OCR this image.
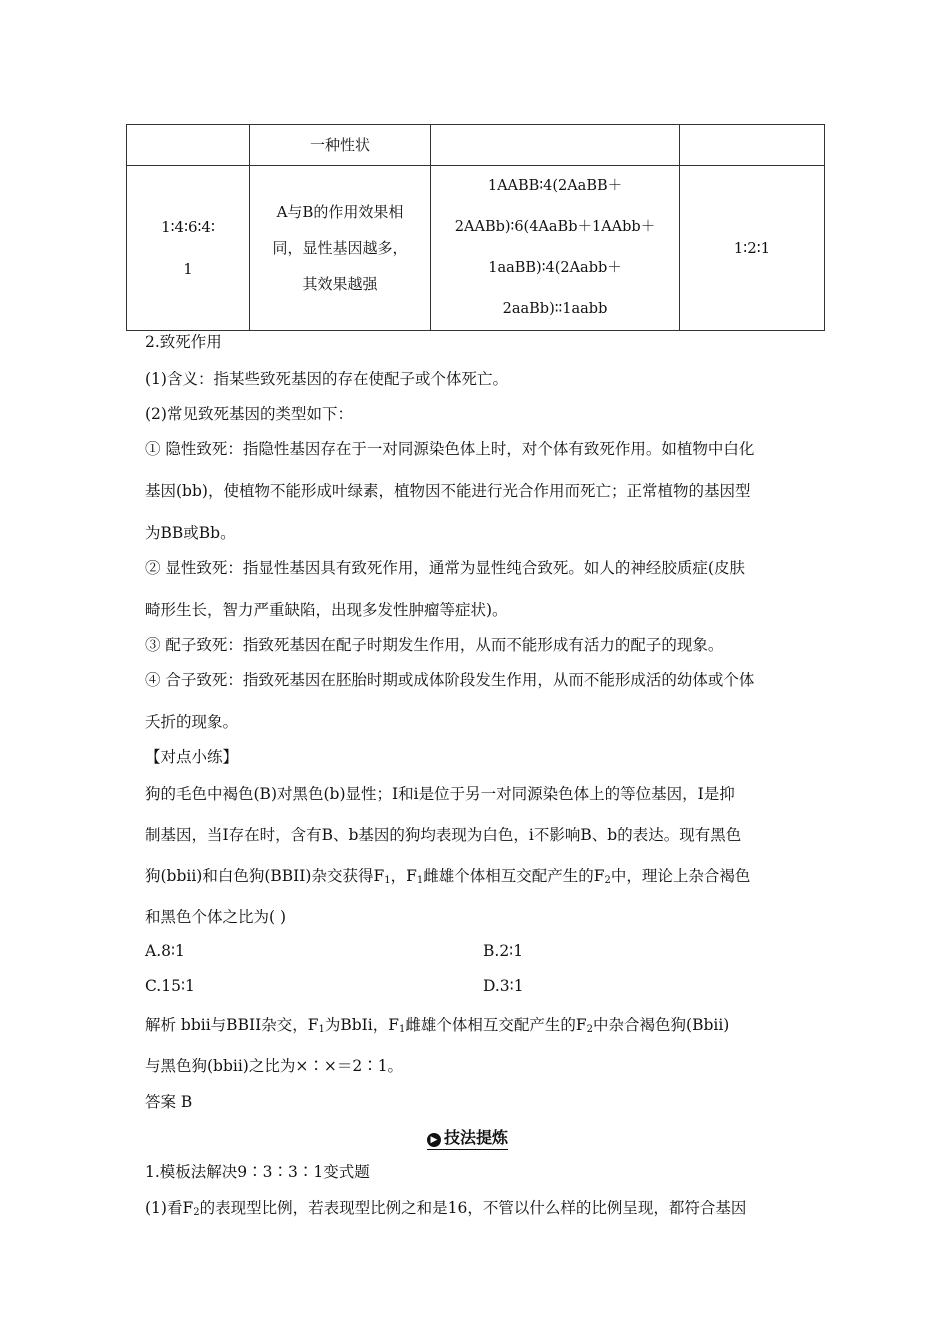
	一种性状		

1∶4∶6∶4∶
1	A与B的作用效果相
同，显性基因越多，
其效果越强	1AABB∶4(2AaBB＋
2AABb)∶6(4AaBb＋1AAbb＋
1aaBB)∶4(2Aabb＋
2aaBb)∶∶1aabb	1∶2∶1
2.致死作用
(1)含义：指某些致死基因的存在使配子或个体死亡。
(2)常见致死基因的类型如下：
① 隐性致死：指隐性基因存在于一对同源染色体上时，对个体有致死作用。如植物中白化
基因(bb)，使植物不能形成叶绿素，植物因不能进行光合作用而死亡；正常植物的基因型
为BB或Bb。
② 显性致死：指显性基因具有致死作用，通常为显性纯合致死。如人的神经胶质症(皮肤
畸形生长，智力严重缺陷，出现多发性肿瘤等症状)。
③ 配子致死：指致死基因在配子时期发生作用，从而不能形成有活力的配子的现象。
④ 合子致死：指致死基因在胚胎时期或成体阶段发生作用，从而不能形成活的幼体或个体
夭折的现象。
【对点小练】
狗的毛色中褐色(B)对黑色(b)显性；I和i是位于另一对同源染色体上的等位基因，I是抑
制基因，当I存在时，含有B、b基因的狗均表现为白色，i不影响B、b的表达。现有黑色
狗(bbii)和白色狗(BBII)杂交获得$F_1$，$F_1$雌雄个体相互交配产生的$F_2$中，理论上杂合褐色
和黑色个体之比为( )
A.8∶1	B.2∶1
C.15∶1	D.3∶1
解析 bbii与BBII杂交，$F_1$为BbIi，$F_1$雌雄个体相互交配产生的$F_2$中杂合褐色狗(Bbii)
与黑色狗(bbii)之比为×∶×＝2∶1。
答案 B
▶ 技法提炼
1.模板法解决9∶3∶3∶1变式题
(1)看$F_2$的表现型比例，若表现型比例之和是16，不管以什么样的比例呈现，都符合基因
